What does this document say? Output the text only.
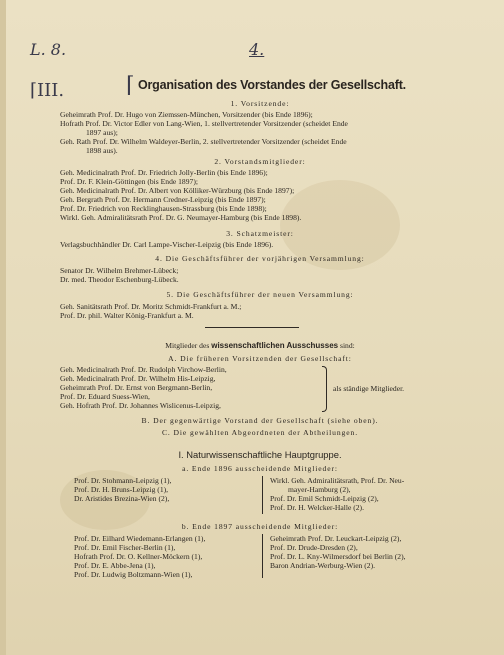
L. 8.	4.
⌈III.	⌈ Organisation des Vorstandes der Gesellschaft.
1. Vorsitzende:
Geheimrath Prof. Dr. Hugo von Ziemssen-München, Vorsitzender (bis Ende 1896);
Hofrath Prof. Dr. Victor Edler von Lang-Wien, 1. stellvertretender Vorsitzender (scheidet Ende
1897 aus);
Geh. Rath Prof. Dr. Wilhelm Waldeyer-Berlin, 2. stellvertretender Vorsitzender (scheidet Ende
1898 aus).
2. Vorstandsmitglieder:
Geh. Medicinalrath Prof. Dr. Friedrich Jolly-Berlin (bis Ende 1896);
Prof. Dr. F. Klein-Göttingen (bis Ende 1897);
Geh. Medicinalrath Prof. Dr. Albert von Kölliker-Würzburg (bis Ende 1897);
Geh. Bergrath Prof. Dr. Hermann Credner-Leipzig (bis Ende 1897);
Prof. Dr. Friedrich von Recklinghausen-Strassburg (bis Ende 1898);
Wirkl. Geh. Admiralitätsrath Prof. Dr. G. Neumayer-Hamburg (bis Ende 1898).
3. Schatzmeister:
Verlagsbuchhändler Dr. Carl Lampe-Vischer-Leipzig (bis Ende 1896).
4. Die Geschäftsführer der vorjährigen Versammlung:
Senator Dr. Wilhelm Brehmer-Lübeck;
Dr. med. Theodor Eschenburg-Lübeck.
5. Die Geschäftsführer der neuen Versammlung:
Geh. Sanitätsrath Prof. Dr. Moritz Schmidt-Frankfurt a. M.;
Prof. Dr. phil. Walter König-Frankfurt a. M.
Mitglieder des wissenschaftlichen Ausschusses sind:
A. Die früheren Vorsitzenden der Gesellschaft:
Geh. Medicinalrath Prof. Dr. Rudolph Virchow-Berlin,
Geh. Medicinalrath Prof. Dr. Wilhelm His-Leipzig,
Geheimrath Prof. Dr. Ernst von Bergmann-Berlin,
Prof. Dr. Eduard Suess-Wien,
Geh. Hofrath Prof. Dr. Johannes Wislicenus-Leipzig,
als ständige Mitglieder.
B. Der gegenwärtige Vorstand der Gesellschaft (siehe oben).
C. Die gewählten Abgeordneten der Abtheilungen.
I. Naturwissenschaftliche Hauptgruppe.
a. Ende 1896 ausscheidende Mitglieder:
Prof. Dr. Stohmann-Leipzig (1),
Prof. Dr. H. Bruns-Leipzig (1),
Dr. Aristides Brezina-Wien (2),
Wirkl. Geh. Admiralitätsrath, Prof. Dr. Neu-
mayer-Hamburg (2),
Prof. Dr. Emil Schmidt-Leipzig (2),
Prof. Dr. H. Welcker-Halle (2).
b. Ende 1897 ausscheidende Mitglieder:
Prof. Dr. Eilhard Wiedemann-Erlangen (1),
Prof. Dr. Emil Fischer-Berlin (1),
Hofrath Prof. Dr. O. Kellner-Möckern (1),
Prof. Dr. E. Abbe-Jena (1),
Prof. Dr. Ludwig Boltzmann-Wien (1),
Geheimrath Prof. Dr. Leuckart-Leipzig (2),
Prof. Dr. Drude-Dresden (2),
Prof. Dr. L. Kny-Wilmersdorf bei Berlin (2),
Baron Andrian-Werburg-Wien (2).
